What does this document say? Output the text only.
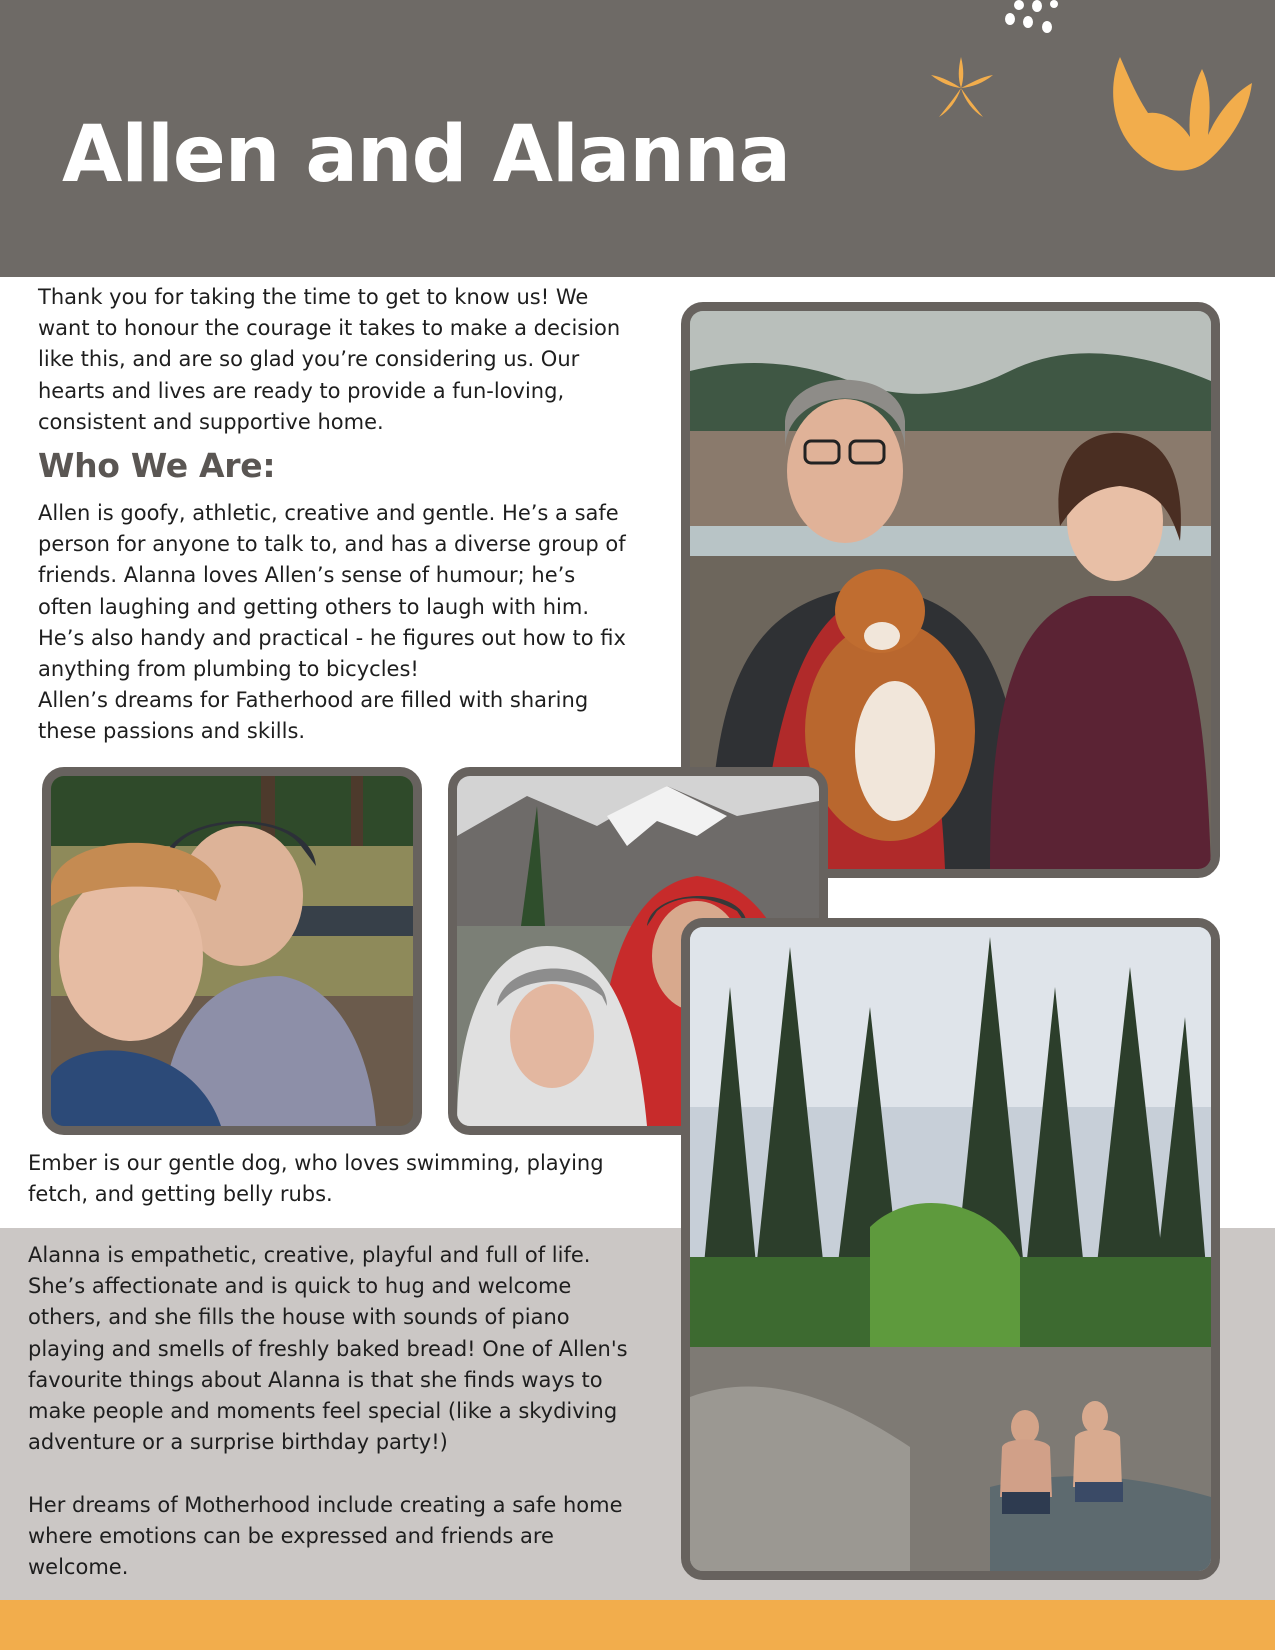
Allen and Alanna

Thank you for taking the time to get to know us! We

want to honour the courage it takes to make a decision

like this, and are so glad you’re considering us. Our

hearts and lives are ready to provide a fun-loving,

consistent and supportive home.

Who We Are:

Allen is goofy, athletic, creative and gentle. He’s a safe

person for anyone to talk to, and has a diverse group of

friends. Alanna loves Allen’s sense of humour; he’s

often laughing and getting others to laugh with him.

He’s also handy and practical - he figures out how to fix

anything from plumbing to bicycles!

Allen’s dreams for Fatherhood are filled with sharing

these passions and skills.

Ember is our gentle dog, who loves swimming, playing

fetch, and getting belly rubs.

Alanna is empathetic, creative, playful and full of life.

She’s affectionate and is quick to hug and welcome

others, and she fills the house with sounds of piano

playing and smells of freshly baked bread! One of Allen's

favourite things about Alanna is that she finds ways to

make people and moments feel special (like a skydiving

adventure or a surprise birthday party!)

Her dreams of Motherhood include creating a safe home

where emotions can be expressed and friends are

welcome.
